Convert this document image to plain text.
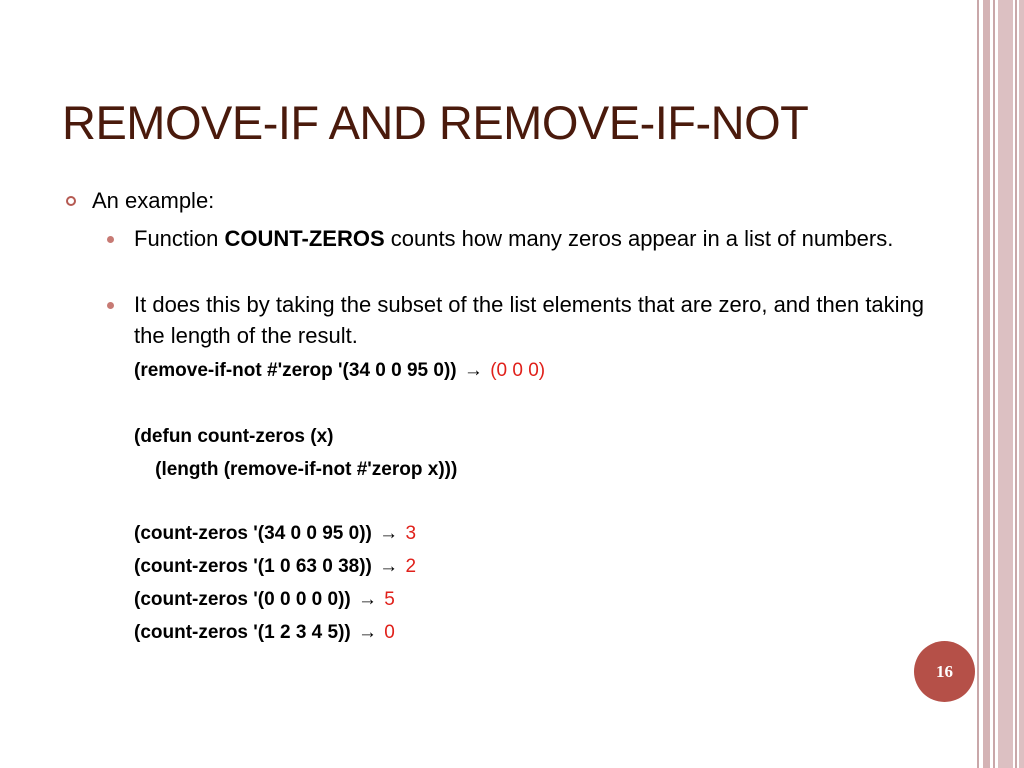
REMOVE-IF AND REMOVE-IF-NOT
An example:
Function COUNT-ZEROS counts how many zeros appear in a list of numbers.
It does this by taking the subset of the list elements that are zero, and then taking the length of the result.
(remove-if-not #'zerop '(34 0 0 95 0)) → (0 0 0)
(defun count-zeros (x)
(length (remove-if-not #'zerop x)))
(count-zeros '(34 0 0 95 0)) → 3
(count-zeros '(1 0 63 0 38)) → 2
(count-zeros '(0 0 0 0 0)) → 5
(count-zeros '(1 2 3 4 5)) → 0
16
